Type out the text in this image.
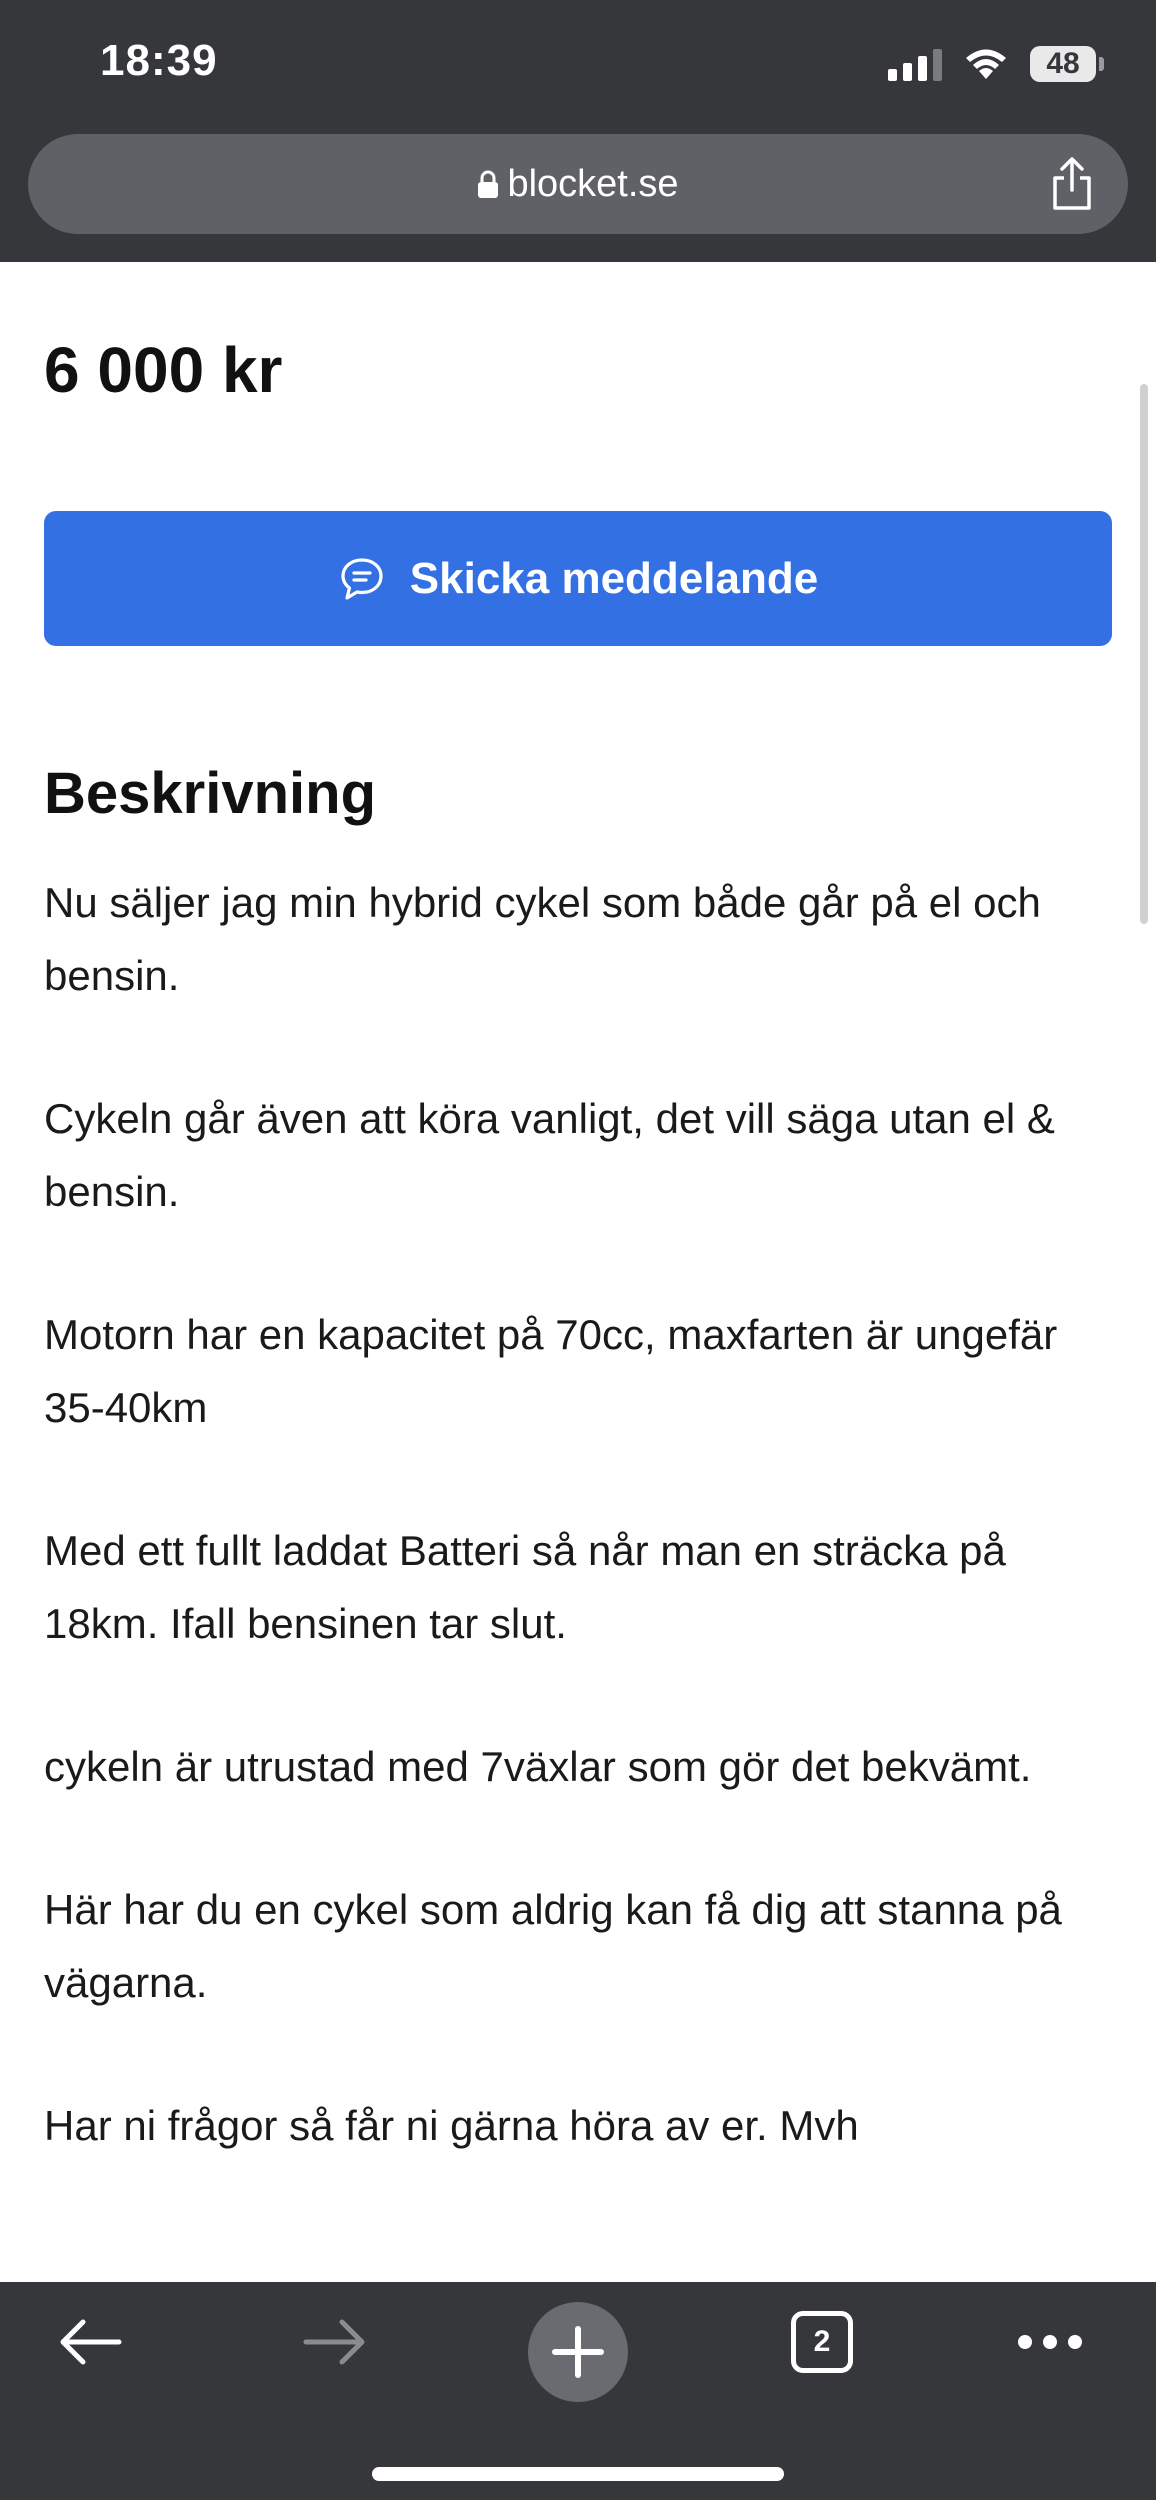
18:39	48
blocket.se
6 000 kr
Skicka meddelande
Beskrivning

Nu säljer jag min hybrid cykel som både går på el och bensin.

Cykeln går även att köra vanligt, det vill säga utan el & bensin.

Motorn har en kapacitet på 70cc, maxfarten är ungefär 35-40km

Med ett fullt laddat Batteri så når man en sträcka på 18km. Ifall bensinen tar slut.

cykeln är utrustad med 7växlar som gör det bekvämt.

Här har du en cykel som aldrig kan få dig att stanna på vägarna.

Har ni frågor så får ni gärna höra av er. Mvh

2
